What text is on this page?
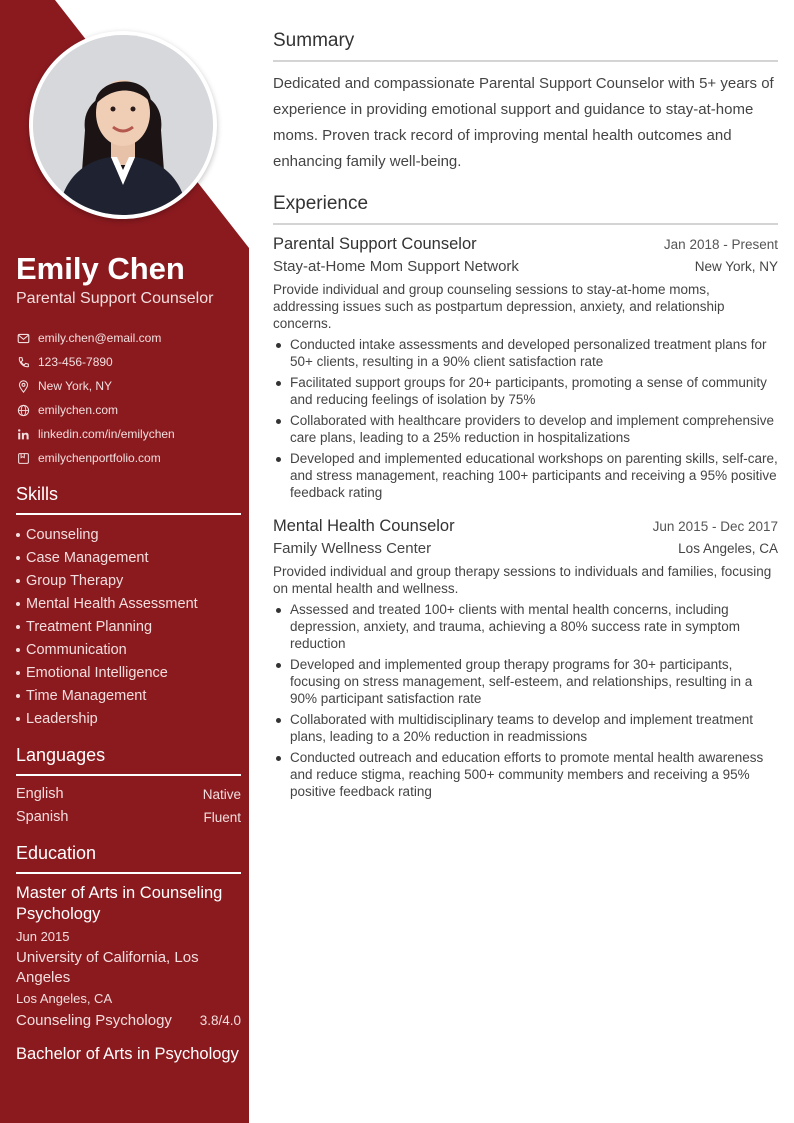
Emily Chen
Parental Support Counselor
emily.chen@email.com
123-456-7890
New York, NY
emilychen.com
linkedin.com/in/emilychen
emilychenportfolio.com
Skills
Counseling
Case Management
Group Therapy
Mental Health Assessment
Treatment Planning
Communication
Emotional Intelligence
Time Management
Leadership
Languages
English	Native
Spanish	Fluent
Education
Master of Arts in Counseling Psychology
Jun 2015
University of California, Los Angeles
Los Angeles, CA
Counseling Psychology 3.8/4.0
Bachelor of Arts in Psychology
Summary

Dedicated and compassionate Parental Support Counselor with 5+ years of experience in providing emotional support and guidance to stay-at-home moms. Proven track record of improving mental health outcomes and enhancing family well-being.

Experience
Parental Support Counselor	Jan 2018 - Present
Stay-at-Home Mom Support Network	New York, NY

Provide individual and group counseling sessions to stay-at-home moms, addressing issues such as postpartum depression, anxiety, and relationship concerns.

Conducted intake assessments and developed personalized treatment plans for 50+ clients, resulting in a 90% client satisfaction rate
Facilitated support groups for 20+ participants, promoting a sense of community and reducing feelings of isolation by 75%
Collaborated with healthcare providers to develop and implement comprehensive care plans, leading to a 25% reduction in hospitalizations
Developed and implemented educational workshops on parenting skills, self-care, and stress management, reaching 100+ participants and receiving a 95% positive feedback rating
Mental Health Counselor	Jun 2015 - Dec 2017
Family Wellness Center	Los Angeles, CA

Provided individual and group therapy sessions to individuals and families, focusing on mental health and wellness.

Assessed and treated 100+ clients with mental health concerns, including depression, anxiety, and trauma, achieving a 80% success rate in symptom reduction
Developed and implemented group therapy programs for 30+ participants, focusing on stress management, self-esteem, and relationships, resulting in a 90% participant satisfaction rate
Collaborated with multidisciplinary teams to develop and implement treatment plans, leading to a 20% reduction in readmissions
Conducted outreach and education efforts to promote mental health awareness and reduce stigma, reaching 500+ community members and receiving a 95% positive feedback rating
